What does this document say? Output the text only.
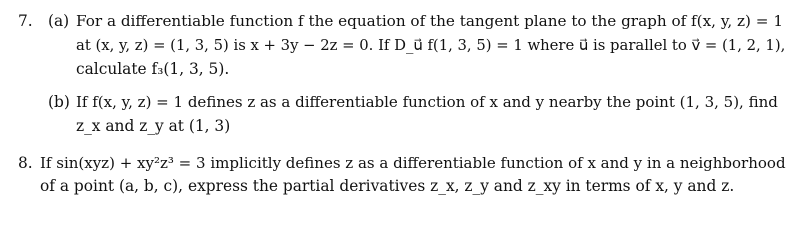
7. (a) For a differentiable function f the equation of the tangent plane to the graph of f(x, y, z) = 1
at (x, y, z) = (1, 3, 5) is x + 3y − 2z = 0. If D_u⃗ f(1, 3, 5) = 1 where u⃗ is parallel to v⃗ = (1, 2, 1),
calculate f₃(1, 3, 5).
(b) If f(x, y, z) = 1 defines z as a differentiable function of x and y nearby the point (1, 3, 5), find
z_x and z_y at (1, 3)
8. If sin(xyz) + xy²z³ = 3 implicitly defines z as a differentiable function of x and y in a neighborhood
of a point (a, b, c), express the partial derivatives z_x, z_y and z_xy in terms of x, y and z.
